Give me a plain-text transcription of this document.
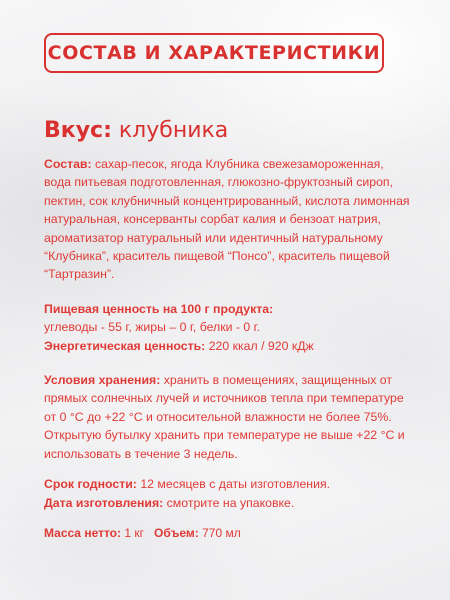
СОСТАВ И ХАРАКТЕРИСТИКИ

Вкус: клубника

Состав: сахар-песок, ягода Клубника свежезамороженная, вода питьевая подготовленная, глюкозно-фруктозный сироп, пектин, сок клубничный концентрированный, кислота лимонная натуральная, консерванты сорбат калия и бензоат натрия, ароматизатор натуральный или идентичный натуральному “Клубника”, краситель пищевой “Понсо”, краситель пищевой “Тартразин”.

Пищевая ценность на 100 г продукта:
углеводы - 55 г, жиры – 0 г, белки - 0 г.
Энергетическая ценность: 220 ккал / 920 кДж

Условия хранения: хранить в помещениях, защищенных от прямых солнечных лучей и источников тепла при температуре от 0 °С до +22 °С и относительной влажности не более 75%. Открытую бутылку хранить при температуре не выше +22 °С и использовать в течение 3 недель.

Срок годности: 12 месяцев с даты изготовления.

Дата изготовления: смотрите на упаковке.

Масса нетто: 1 кг Объем: 770 мл
